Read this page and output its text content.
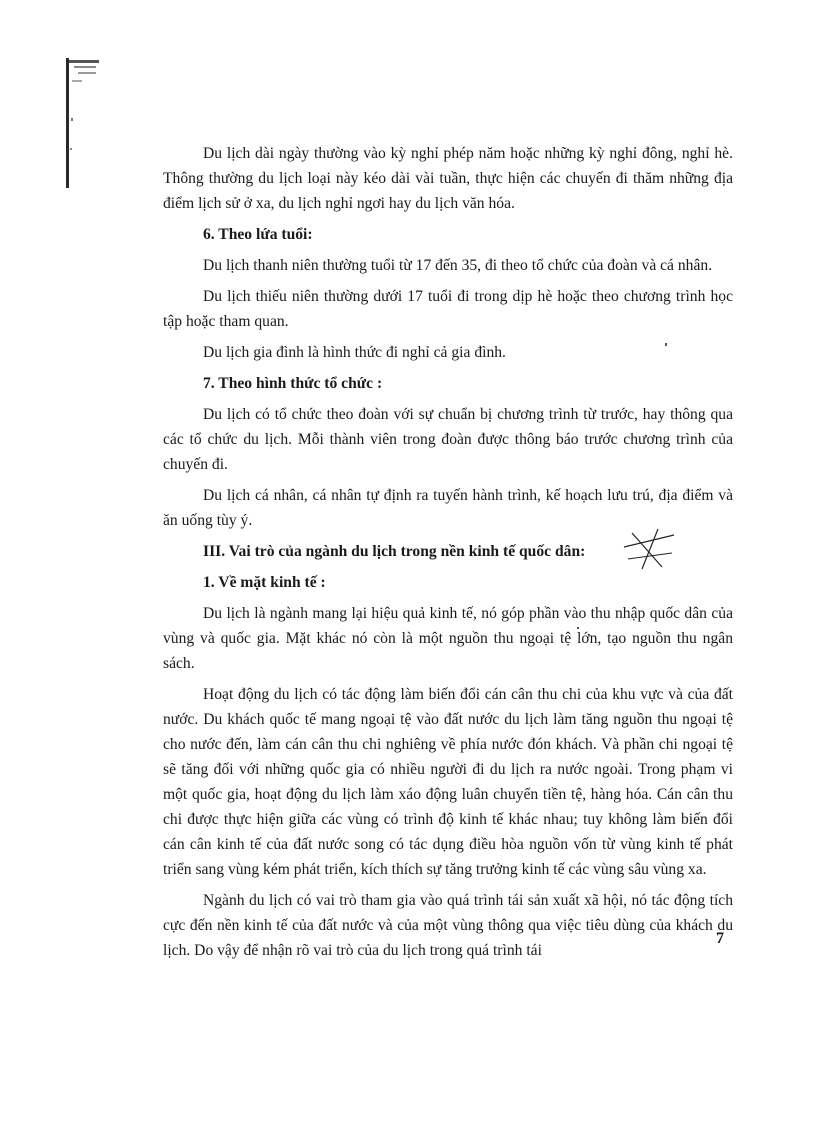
Du lịch dài ngày thường vào kỳ nghỉ phép năm hoặc những kỳ nghỉ đông, nghỉ hè. Thông thường du lịch loại này kéo dài vài tuần, thực hiện các chuyến đi thăm những địa điểm lịch sử ở xa, du lịch nghỉ ngơi hay du lịch văn hóa.

6. Theo lứa tuổi:

Du lịch thanh niên thường tuổi từ 17 đến 35, đi theo tổ chức của đoàn và cá nhân.

Du lịch thiếu niên thường dưới 17 tuổi đi trong dịp hè hoặc theo chương trình học tập hoặc tham quan.

Du lịch gia đình là hình thức đi nghỉ cả gia đình.

7. Theo hình thức tổ chức :

Du lịch có tổ chức theo đoàn với sự chuẩn bị chương trình từ trước, hay thông qua các tổ chức du lịch. Mỗi thành viên trong đoàn được thông báo trước chương trình của chuyến đi.

Du lịch cá nhân, cá nhân tự định ra tuyến hành trình, kế hoạch lưu trú, địa điểm và ăn uống tùy ý.

III. Vai trò của ngành du lịch trong nền kinh tế quốc dân:
1. Về mặt kinh tế :

Du lịch là ngành mang lại hiệu quả kinh tế, nó góp phần vào thu nhập quốc dân của vùng và quốc gia. Mặt khác nó còn là một nguồn thu ngoại tệ lớn, tạo nguồn thu ngân sách.

Hoạt động du lịch có tác động làm biến đổi cán cân thu chi của khu vực và của đất nước. Du khách quốc tế mang ngoại tệ vào đất nước du lịch làm tăng nguồn thu ngoại tệ cho nước đến, làm cán cân thu chi nghiêng về phía nước đón khách. Và phần chi ngoại tệ sẽ tăng đối với những quốc gia có nhiều người đi du lịch ra nước ngoài. Trong phạm vi một quốc gia, hoạt động du lịch làm xáo động luân chuyển tiền tệ, hàng hóa. Cán cân thu chi được thực hiện giữa các vùng có trình độ kinh tế khác nhau; tuy không làm biến đổi cán cân kinh tế của đất nước song có tác dụng điều hòa nguồn vốn từ vùng kinh tế phát triển sang vùng kém phát triển, kích thích sự tăng trưởng kinh tế các vùng sâu vùng xa.

Ngành du lịch có vai trò tham gia vào quá trình tái sản xuất xã hội, nó tác động tích cực đến nền kinh tế của đất nước và của một vùng thông qua việc tiêu dùng của khách du lịch. Do vậy để nhận rõ vai trò của du lịch trong quá trình tái

7
